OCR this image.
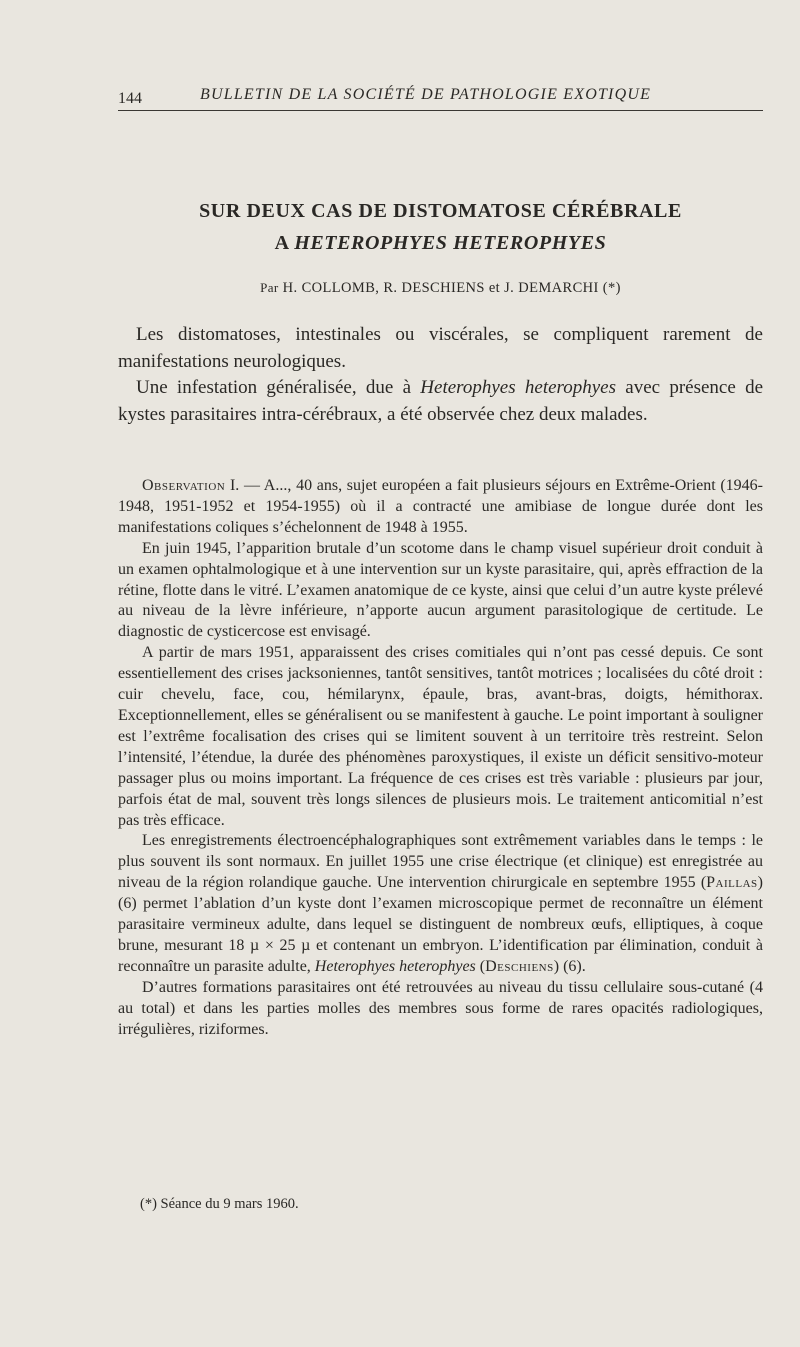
144	BULLETIN DE LA SOCIÉTÉ DE PATHOLOGIE EXOTIQUE
SUR DEUX CAS DE DISTOMATOSE CÉRÉBRALE
A HETEROPHYES HETEROPHYES
Par H. COLLOMB, R. DESCHIENS et J. DEMARCHI (*)

Les distomatoses, intestinales ou viscérales, se compliquent rarement de manifestations neurologiques.

Une infestation généralisée, due à Heterophyes heterophyes avec présence de kystes parasitaires intra-cérébraux, a été observée chez deux malades.

Observation I. — A..., 40 ans, sujet européen a fait plusieurs séjours en Extrême-Orient (1946-1948, 1951-1952 et 1954-1955) où il a contracté une amibiase de longue durée dont les manifestations coliques s’échelonnent de 1948 à 1955.

En juin 1945, l’apparition brutale d’un scotome dans le champ visuel supérieur droit conduit à un examen ophtalmologique et à une intervention sur un kyste parasitaire, qui, après effraction de la rétine, flotte dans le vitré. L’examen anatomique de ce kyste, ainsi que celui d’un autre kyste prélevé au niveau de la lèvre inférieure, n’apporte aucun argument parasitologique de certitude. Le diagnostic de cysticercose est envisagé.

A partir de mars 1951, apparaissent des crises comitiales qui n’ont pas cessé depuis. Ce sont essentiellement des crises jacksoniennes, tantôt sensitives, tantôt motrices ; localisées du côté droit : cuir chevelu, face, cou, hémilarynx, épaule, bras, avant-bras, doigts, hémithorax. Exceptionnellement, elles se généralisent ou se manifestent à gauche. Le point important à souligner est l’extrême focalisation des crises qui se limitent souvent à un territoire très restreint. Selon l’intensité, l’étendue, la durée des phénomènes paroxystiques, il existe un déficit sensitivo-moteur passager plus ou moins important. La fréquence de ces crises est très variable : plusieurs par jour, parfois état de mal, souvent très longs silences de plusieurs mois. Le traitement anticomitial n’est pas très efficace.

Les enregistrements électroencéphalographiques sont extrêmement variables dans le temps : le plus souvent ils sont normaux. En juillet 1955 une crise électrique (et clinique) est enregistrée au niveau de la région rolandique gauche. Une intervention chirurgicale en septembre 1955 (Paillas) (6) permet l’ablation d’un kyste dont l’examen microscopique permet de reconnaître un élément parasitaire vermineux adulte, dans lequel se distinguent de nombreux œufs, elliptiques, à coque brune, mesurant 18 µ × 25 µ et contenant un embryon. L’identification par élimination, conduit à reconnaître un parasite adulte, Heterophyes heterophyes (Deschiens) (6).

D’autres formations parasitaires ont été retrouvées au niveau du tissu cellulaire sous-cutané (4 au total) et dans les parties molles des membres sous forme de rares opacités radiologiques, irrégulières, riziformes.

(*) Séance du 9 mars 1960.
